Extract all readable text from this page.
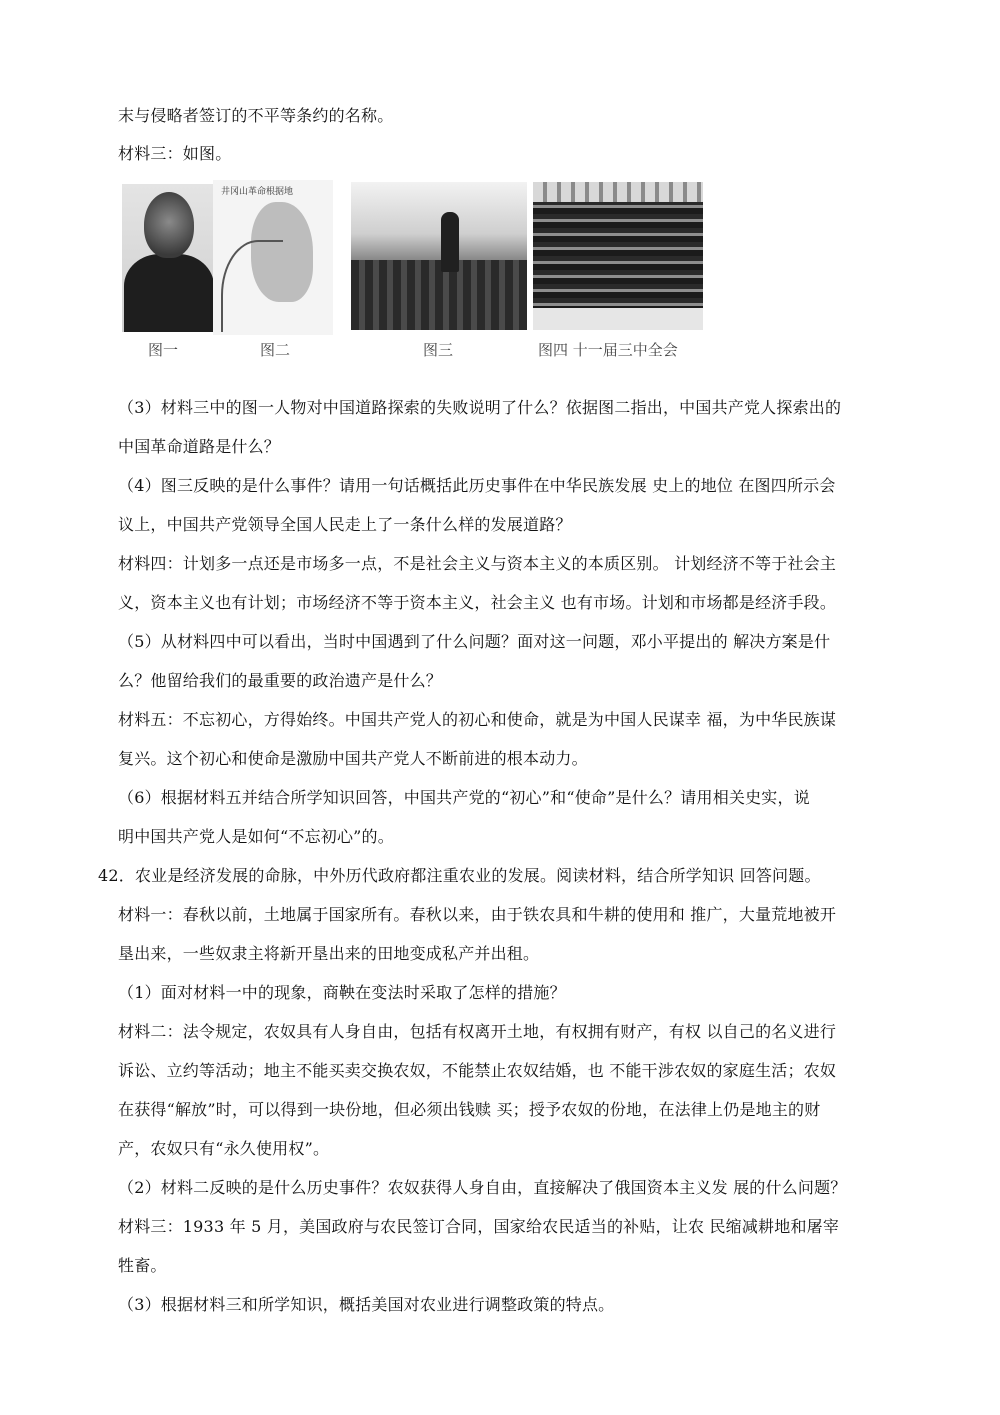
末与侵略者签订的不平等条约的名称。
材料三：如图。
井冈山革命根据地
图一	图二	图三	图四 十一届三中全会
（3）材料三中的图一人物对中国道路探索的失败说明了什么？依据图二指出，中国共产党人探索出的
中国革命道路是什么？
（4）图三反映的是什么事件？请用一句话概括此历史事件在中华民族发展 史上的地位 在图四所示会
议上，中国共产党领导全国人民走上了一条什么样的发展道路？
材料四：计划多一点还是市场多一点，不是社会主义与资本主义的本质区别。 计划经济不等于社会主
义，资本主义也有计划；市场经济不等于资本主义，社会主义 也有市场。计划和市场都是经济手段。
（5）从材料四中可以看出，当时中国遇到了什么问题？面对这一问题，邓小平提出的 解决方案是什
么？他留给我们的最重要的政治遗产是什么？
材料五：不忘初心，方得始终。中国共产党人的初心和使命，就是为中国人民谋幸 福，为中华民族谋
复兴。这个初心和使命是激励中国共产党人不断前进的根本动力。
（6）根据材料五并结合所学知识回答，中国共产党的“初心”和“使命”是什么？请用相关史实，说
明中国共产党人是如何“不忘初心”的。
42．农业是经济发展的命脉，中外历代政府都注重农业的发展。阅读材料，结合所学知识 回答问题。
材料一：春秋以前，土地属于国家所有。春秋以来，由于铁农具和牛耕的使用和 推广，大量荒地被开
垦出来，一些奴隶主将新开垦出来的田地变成私产并出租。
（1）面对材料一中的现象，商鞅在变法时采取了怎样的措施？
材料二：法令规定，农奴具有人身自由，包括有权离开土地，有权拥有财产，有权 以自己的名义进行
诉讼、立约等活动；地主不能买卖交换农奴，不能禁止农奴结婚，也 不能干涉农奴的家庭生活；农奴
在获得“解放”时，可以得到一块份地，但必须出钱赎 买；授予农奴的份地，在法律上仍是地主的财
产，农奴只有“永久使用权”。
（2）材料二反映的是什么历史事件？农奴获得人身自由，直接解决了俄国资本主义发 展的什么问题？
材料三：1933 年 5 月，美国政府与农民签订合同，国家给农民适当的补贴，让农 民缩减耕地和屠宰
牲畜。
（3）根据材料三和所学知识，概括美国对农业进行调整政策的特点。
